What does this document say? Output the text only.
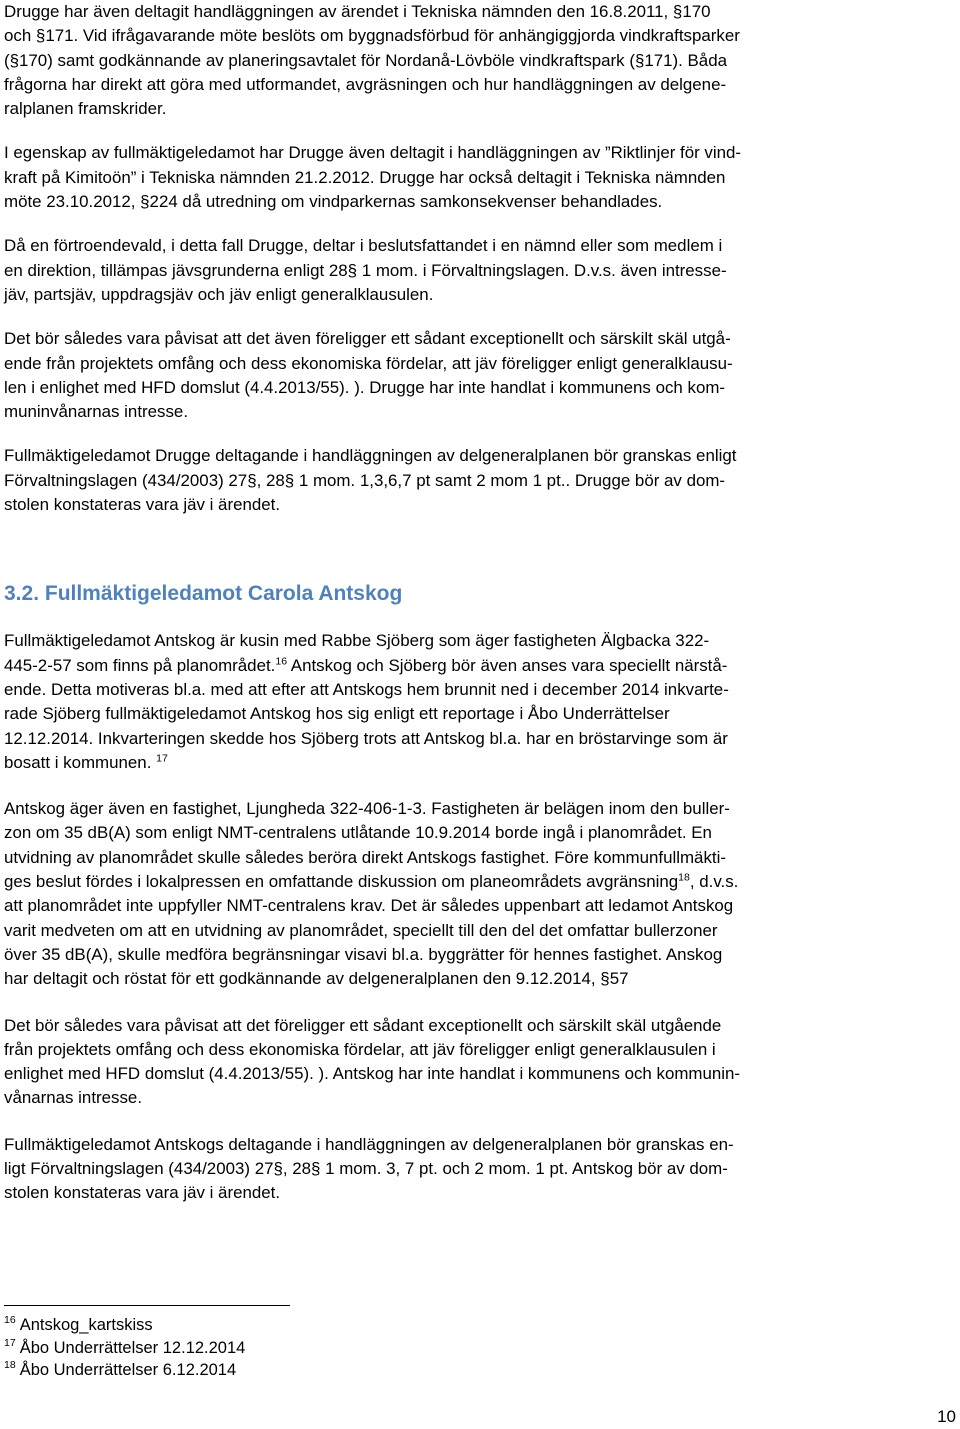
Drugge har även deltagit handläggningen av ärendet i Tekniska nämnden den 16.8.2011, §170
och §171. Vid ifrågavarande möte beslöts om byggnadsförbud för anhängiggjorda vindkraftsparker
(§170) samt godkännande av planeringsavtalet för Nordanå-Lövböle vindkraftspark (§171). Båda
frågorna har direkt att göra med utformandet, avgräsningen och hur handläggningen av delgene-
ralplanen framskrider.

I egenskap av fullmäktigeledamot har Drugge även deltagit i handläggningen av ”Riktlinjer för vind-
kraft på Kimitoön” i Tekniska nämnden 21.2.2012. Drugge har också deltagit i Tekniska nämnden
möte 23.10.2012, §224 då utredning om vindparkernas samkonsekvenser behandlades.

Då en förtroendevald, i detta fall Drugge, deltar i beslutsfattandet i en nämnd eller som medlem i
en direktion, tillämpas jävsgrunderna enligt 28§ 1 mom. i Förvaltningslagen. D.v.s. även intresse-
jäv, partsjäv, uppdragsjäv och jäv enligt generalklausulen.

Det bör således vara påvisat att det även föreligger ett sådant exceptionellt och särskilt skäl utgå-
ende från projektets omfång och dess ekonomiska fördelar, att jäv föreligger enligt generalklausu-
len i enlighet med HFD domslut (4.4.2013/55). ). Drugge har inte handlat i kommunens och kom-
muninvånarnas intresse.

Fullmäktigeledamot Drugge deltagande i handläggningen av delgeneralplanen bör granskas enligt
Förvaltningslagen (434/2003) 27§, 28§ 1 mom. 1,3,6,7 pt samt 2 mom 1 pt.. Drugge bör av dom-
stolen konstateras vara jäv i ärendet.

3.2. Fullmäktigeledamot Carola Antskog

Fullmäktigeledamot Antskog är kusin med Rabbe Sjöberg som äger fastigheten Älgbacka 322-
445-2-57 som finns på planområdet.$^{16}$ Antskog och Sjöberg bör även anses vara speciellt närstå-
ende. Detta motiveras bl.a. med att efter att Antskogs hem brunnit ned i december 2014 inkvarte-
rade Sjöberg fullmäktigeledamot Antskog hos sig enligt ett reportage i Åbo Underrättelser
12.12.2014. Inkvarteringen skedde hos Sjöberg trots att Antskog bl.a. har en bröstarvinge som är
bosatt i kommunen. $^{17}$

Antskog äger även en fastighet, Ljungheda 322-406-1-3. Fastigheten är belägen inom den buller-
zon om 35 dB(A) som enligt NMT-centralens utlåtande 10.9.2014 borde ingå i planområdet. En
utvidning av planområdet skulle således beröra direkt Antskogs fastighet. Före kommunfullmäkti-
ges beslut fördes i lokalpressen en omfattande diskussion om planeområdets avgränsning$^{18}$, d.v.s.
att planområdet inte uppfyller NMT-centralens krav. Det är således uppenbart att ledamot Antskog
varit medveten om att en utvidning av planområdet, speciellt till den del det omfattar bullerzoner
över 35 dB(A), skulle medföra begränsningar visavi bl.a. byggrätter för hennes fastighet. Anskog
har deltagit och röstat för ett godkännande av delgeneralplanen den 9.12.2014, §57

Det bör således vara påvisat att det föreligger ett sådant exceptionellt och särskilt skäl utgående
från projektets omfång och dess ekonomiska fördelar, att jäv föreligger enligt generalklausulen i
enlighet med HFD domslut (4.4.2013/55). ). Antskog har inte handlat i kommunens och kommunin-
vånarnas intresse.

Fullmäktigeledamot Antskogs deltagande i handläggningen av delgeneralplanen bör granskas en-
ligt Förvaltningslagen (434/2003) 27§, 28§ 1 mom. 3, 7 pt. och 2 mom. 1 pt. Antskog bör av dom-
stolen konstateras vara jäv i ärendet.

$^{16}$ Antskog_kartskiss
$^{17}$ Åbo Underrättelser 12.12.2014
$^{18}$ Åbo Underrättelser 6.12.2014
10
